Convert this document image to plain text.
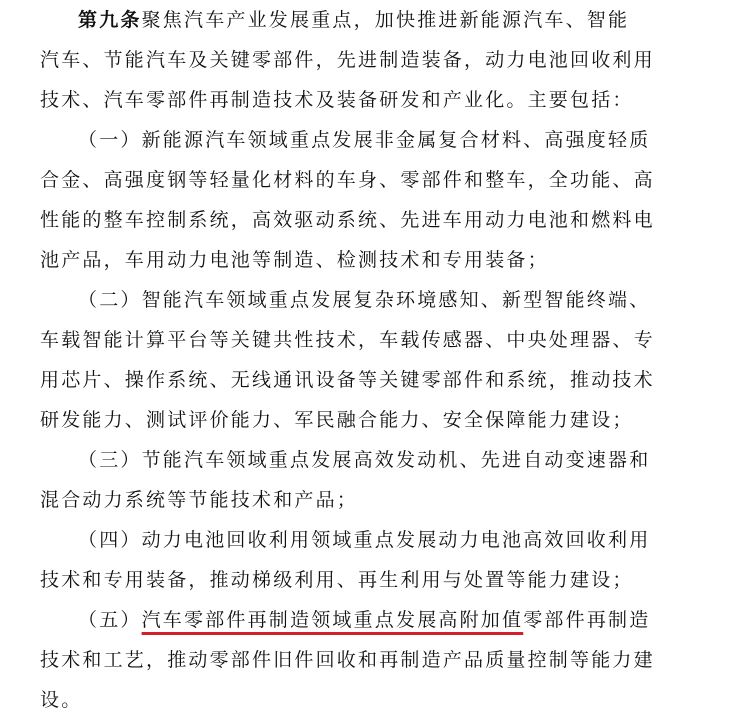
第九条聚焦汽车产业发展重点，加快推进新能源汽车、智能
汽车、节能汽车及关键零部件，先进制造装备，动力电池回收利用
技术、汽车零部件再制造技术及装备研发和产业化。主要包括：

（一）新能源汽车领域重点发展非金属复合材料、高强度轻质
合金、高强度钢等轻量化材料的车身、零部件和整车，全功能、高
性能的整车控制系统，高效驱动系统、先进车用动力电池和燃料电
池产品，车用动力电池等制造、检测技术和专用装备；

（二）智能汽车领域重点发展复杂环境感知、新型智能终端、
车载智能计算平台等关键共性技术，车载传感器、中央处理器、专
用芯片、操作系统、无线通讯设备等关键零部件和系统，推动技术
研发能力、测试评价能力、军民融合能力、安全保障能力建设；

（三）节能汽车领域重点发展高效发动机、先进自动变速器和
混合动力系统等节能技术和产品；

（四）动力电池回收利用领域重点发展动力电池高效回收利用
技术和专用装备，推动梯级利用、再生利用与处置等能力建设；

（五）汽车零部件再制造领域重点发展高附加值零部件再制造
技术和工艺，推动零部件旧件回收和再制造产品质量控制等能力建
设。
